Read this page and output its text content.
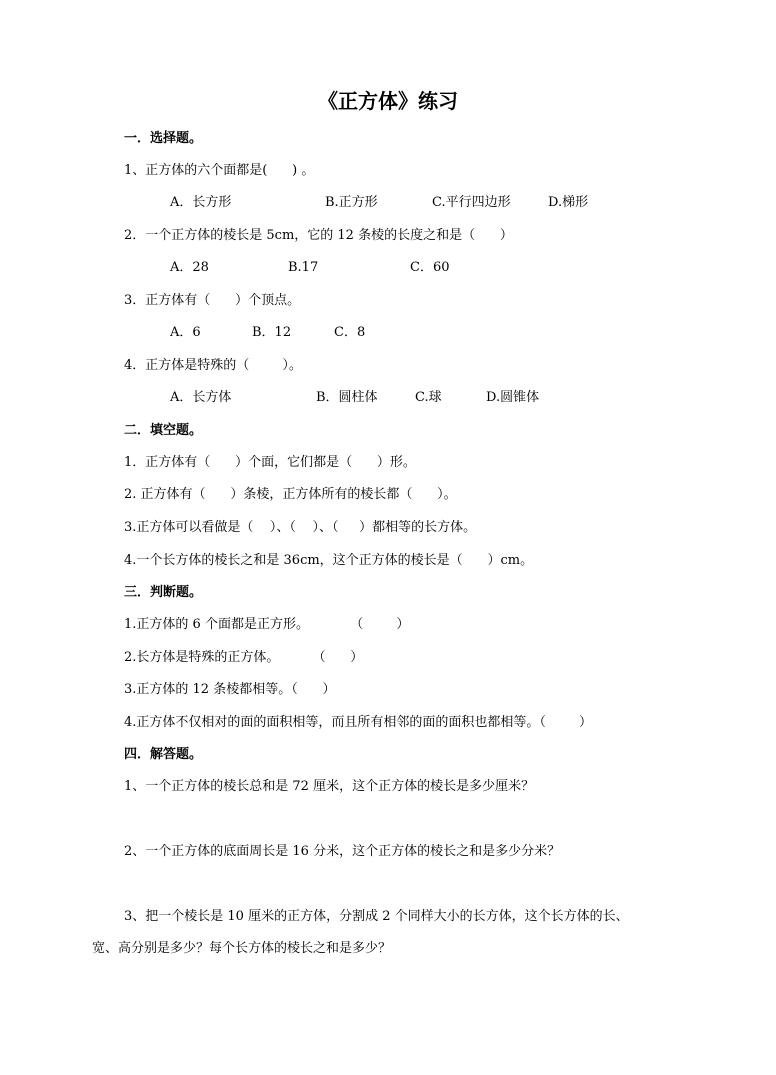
《正方体》练习
一．选择题。
1、正方体的六个面都是(      ) 。
A．长方形	B.正方形	C.平行四边形	D.梯形
2．一个正方体的棱长是 5cm，它的 12 条棱的长度之和是（      ）
A．28	B.17	C．60
3．正方体有（      ）个顶点。
A．6	B．12	C．8
4．正方体是特殊的（        ）。
A．长方体	B．圆柱体	C.球	D.圆锥体
二．填空题。
1．正方体有（      ）个面，它们都是（      ）形。
2. 正方体有（      ）条棱，正方体所有的棱长都（      ）。
3.正方体可以看做是（    ）、（    ）、（     ）都相等的长方体。
4.一个长方体的棱长之和是 36cm，这个正方体的棱长是（      ）cm。
三．判断题。
1.正方体的 6 个面都是正方形。          （        ）
2.长方体是特殊的正方体。        （      ）
3.正方体的 12 条棱都相等。（      ）
4.正方体不仅相对的面的面积相等，而且所有相邻的面的面积也都相等。（        ）
四．解答题。
1、一个正方体的棱长总和是 72 厘米，这个正方体的棱长是多少厘米？
2、一个正方体的底面周长是 16 分米，这个正方体的棱长之和是多少分米？
3、把一个棱长是 10 厘米的正方体，分割成 2 个同样大小的长方体，这个长方体的长、
宽、高分别是多少？每个长方体的棱长之和是多少？
